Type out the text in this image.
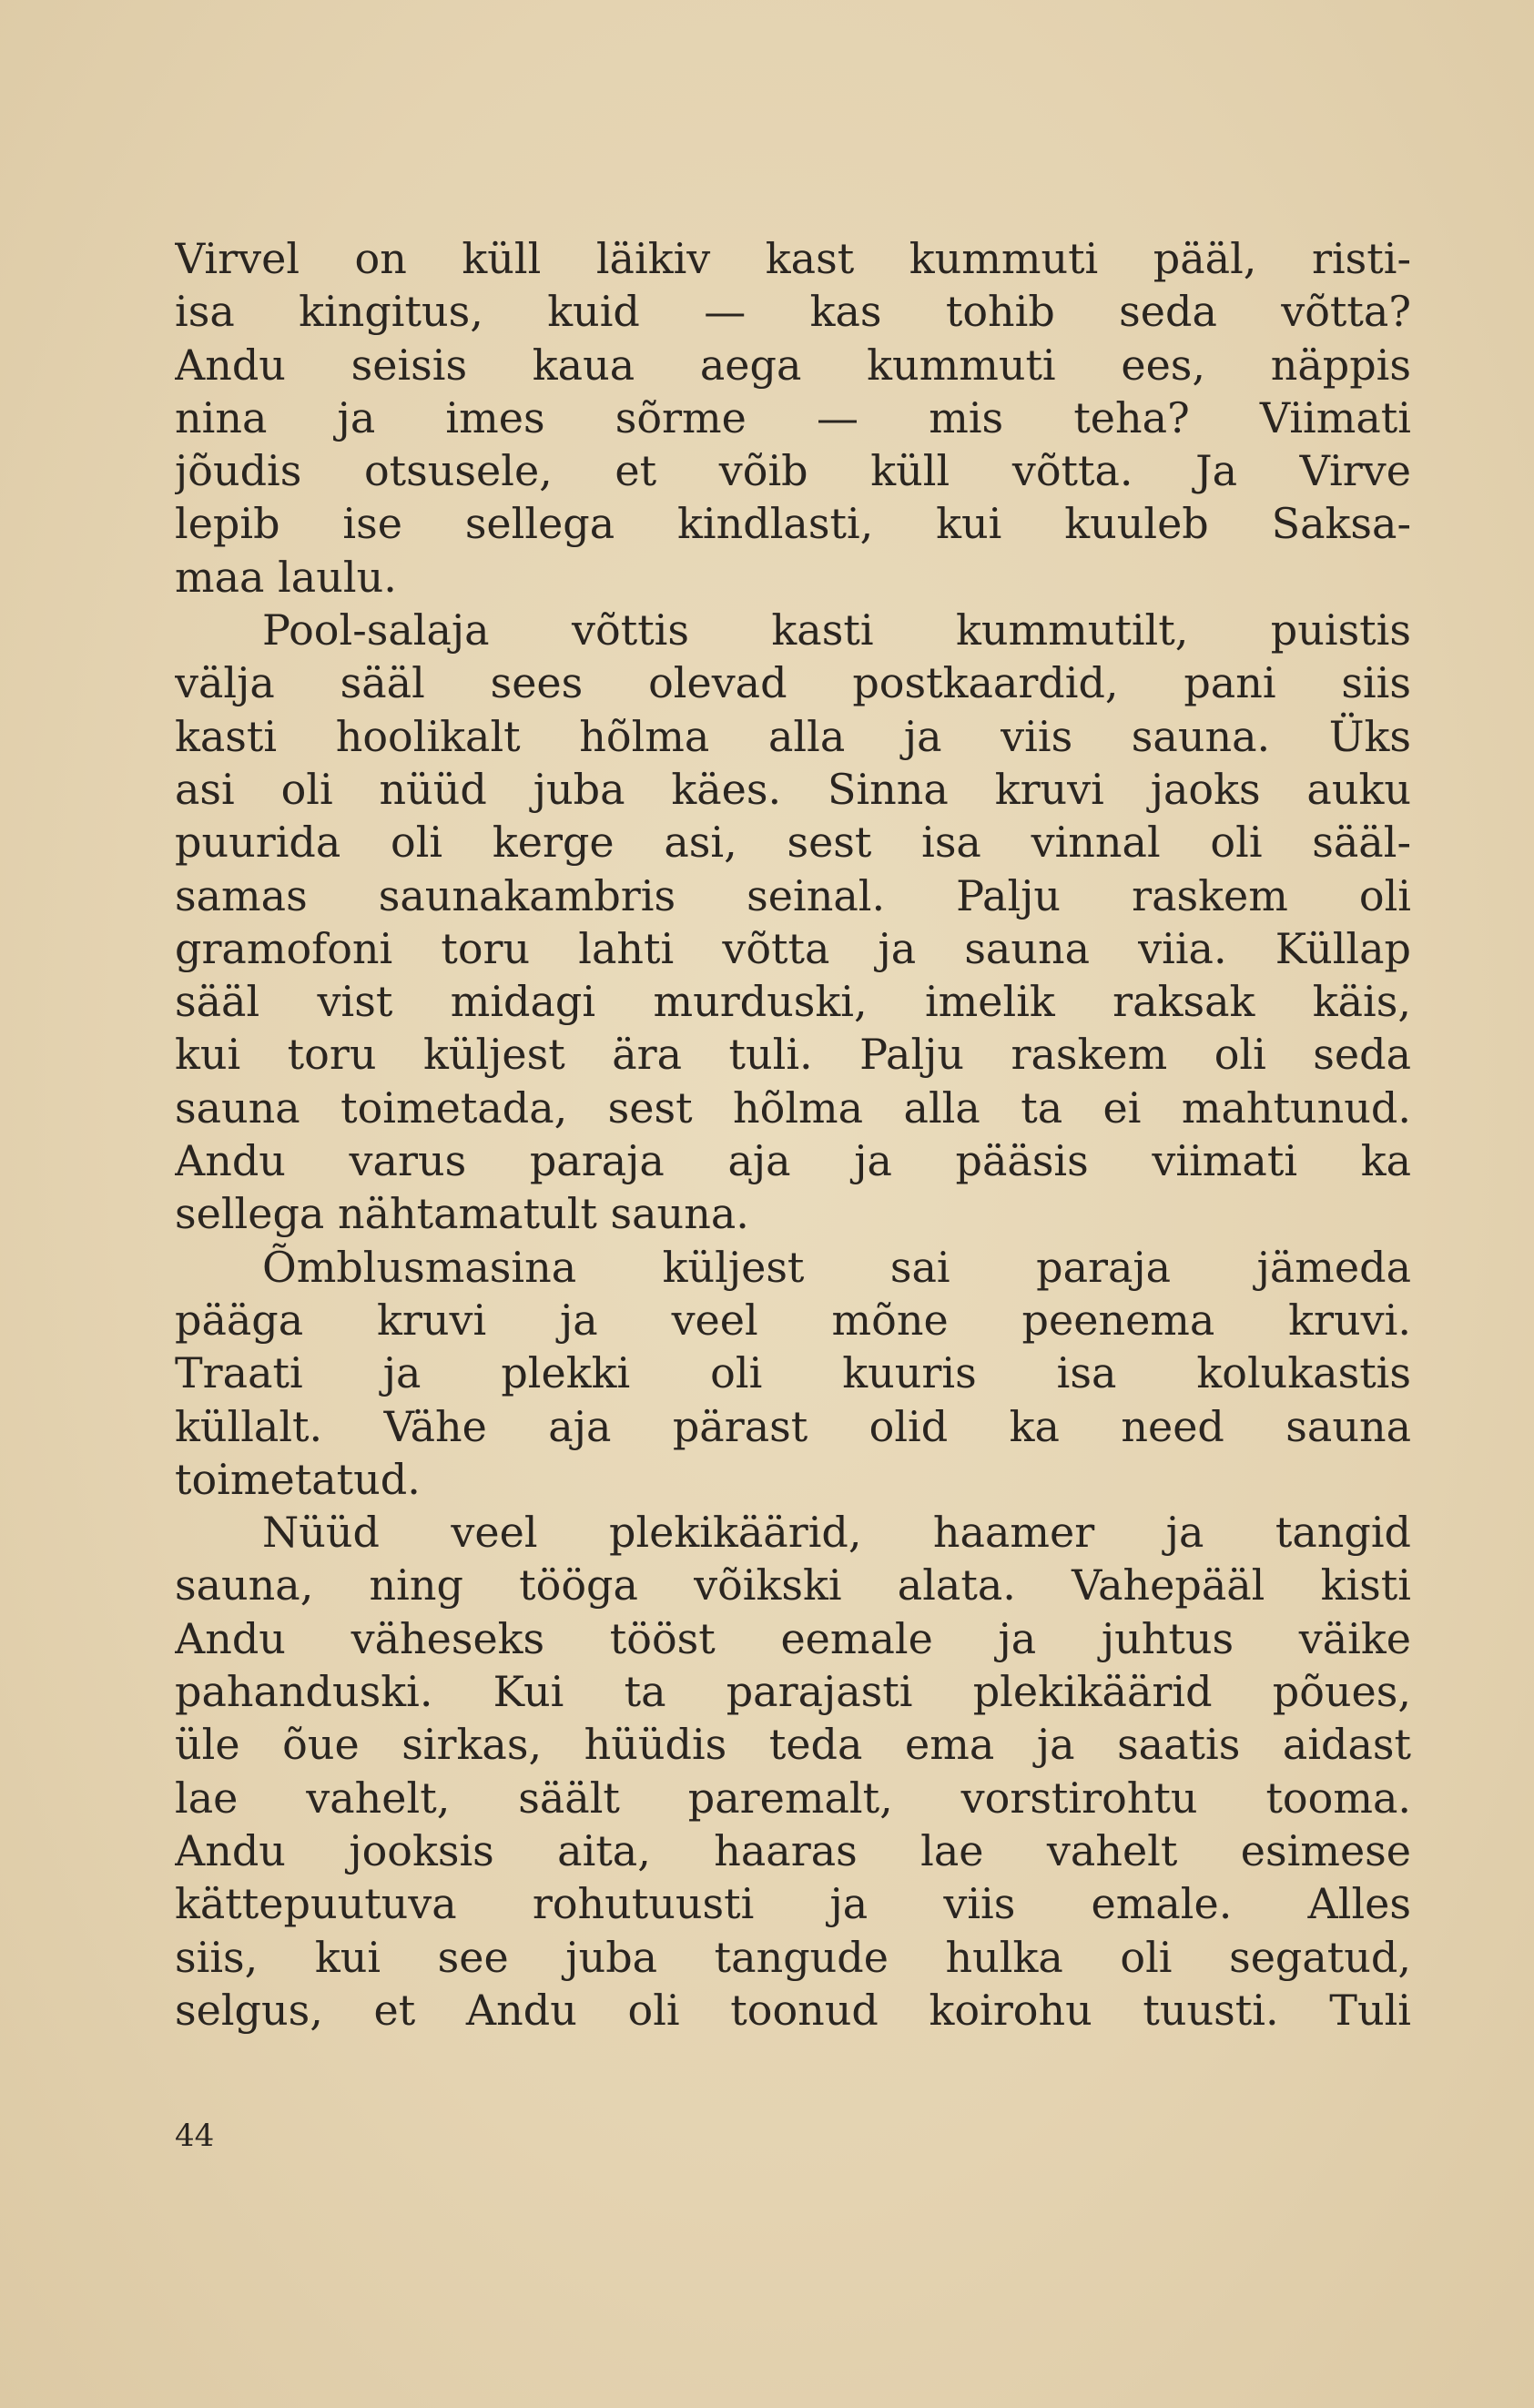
Virvel on küll läikiv kast kummuti pääl, risti-
isa kingitus, kuid — kas tohib seda võtta?
Andu seisis kaua aega kummuti ees, näppis
nina ja imes sõrme — mis teha? Viimati
jõudis otsusele, et võib küll võtta. Ja Virve
lepib ise sellega kindlasti, kui kuuleb Saksa-
maa laulu.
Pool-salaja võttis kasti kummutilt, puistis
välja sääl sees olevad postkaardid, pani siis
kasti hoolikalt hõlma alla ja viis sauna. Üks
asi oli nüüd juba käes. Sinna kruvi jaoks auku
puurida oli kerge asi, sest isa vinnal oli sääl-
samas saunakambris seinal. Palju raskem oli
gramofoni toru lahti võtta ja sauna viia. Küllap
sääl vist midagi murduski, imelik raksak käis,
kui toru küljest ära tuli. Palju raskem oli seda
sauna toimetada, sest hõlma alla ta ei mahtunud.
Andu varus paraja aja ja pääsis viimati ka
sellega nähtamatult sauna.
Õmblusmasina küljest sai paraja jämeda
pääga kruvi ja veel mõne peenema kruvi.
Traati ja plekki oli kuuris isa kolukastis
küllalt. Vähe aja pärast olid ka need sauna
toimetatud.
Nüüd veel plekikäärid, haamer ja tangid
sauna, ning tööga võikski alata. Vahepääl kisti
Andu väheseks tööst eemale ja juhtus väike
pahanduski. Kui ta parajasti plekikäärid põues,
üle õue sirkas, hüüdis teda ema ja saatis aidast
lae vahelt, säält paremalt, vorstirohtu tooma.
Andu jooksis aita, haaras lae vahelt esimese
kättepuutuva rohutuusti ja viis emale. Alles
siis, kui see juba tangude hulka oli segatud,
selgus, et Andu oli toonud koirohu tuusti. Tuli
44
